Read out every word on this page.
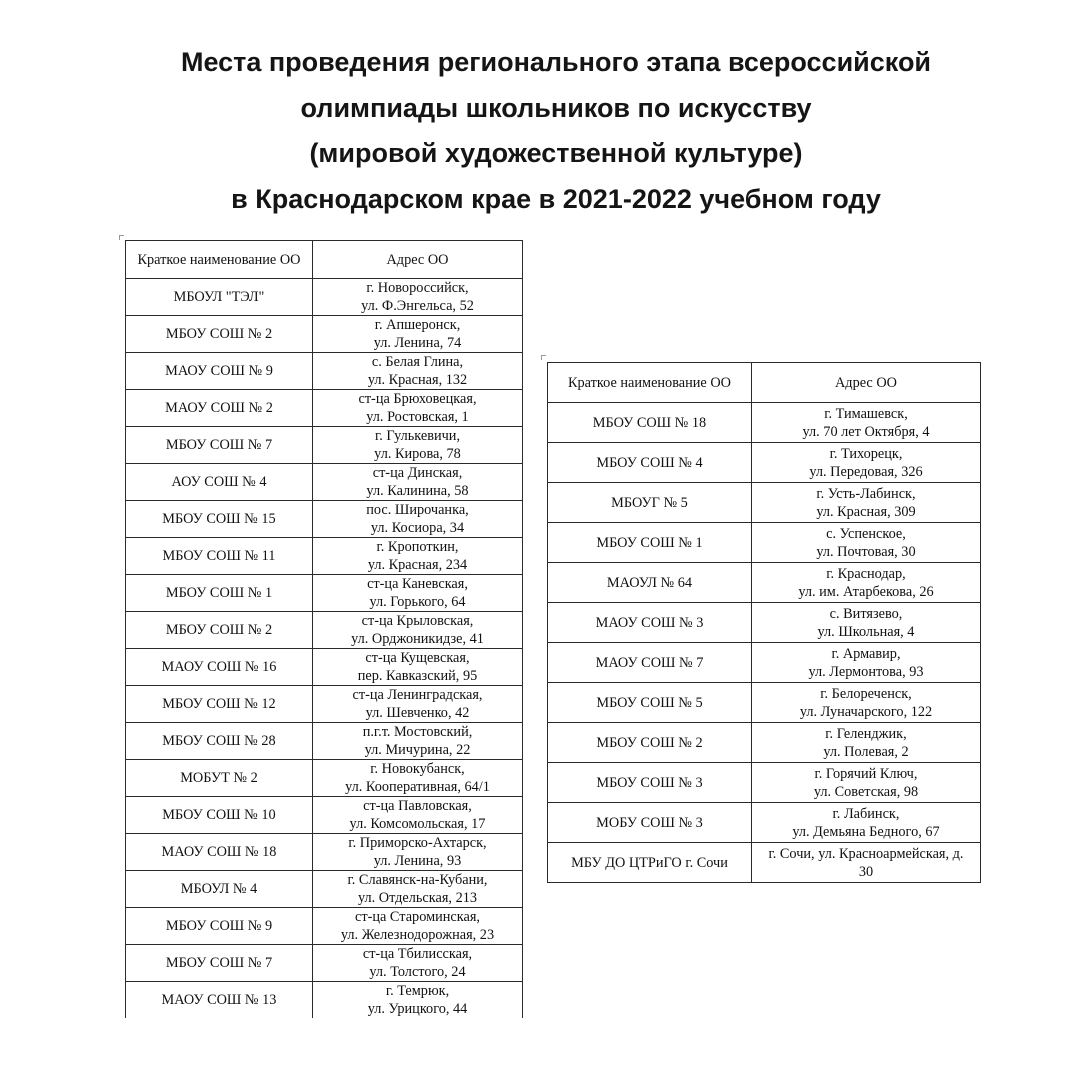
Места проведения регионального этапа всероссийской
олимпиады школьников по искусству
(мировой художественной культуре)
в Краснодарском крае в 2021-2022 учебном году
Краткое наименование ОО	Адрес ОО
МБОУЛ "ТЭЛ"	г. Новороссийск,
ул. Ф.Энгельса, 52

МБОУ СОШ № 2	г. Апшеронск,
ул. Ленина, 74

МАОУ СОШ № 9	с. Белая Глина,
ул. Красная, 132

МАОУ СОШ № 2	ст-ца Брюховецкая,
ул. Ростовская, 1

МБОУ СОШ № 7	г. Гулькевичи,
ул. Кирова, 78

АОУ СОШ № 4	ст-ца Динская,
ул. Калинина, 58

МБОУ СОШ № 15	пос. Широчанка,
ул. Косиора, 34

МБОУ СОШ № 11	г. Кропоткин,
ул. Красная, 234

МБОУ СОШ № 1	ст-ца Каневская,
ул. Горького, 64

МБОУ СОШ № 2	ст-ца Крыловская,
ул. Орджоникидзе, 41

МАОУ СОШ № 16	ст-ца Кущевская,
пер. Кавказский, 95

МБОУ СОШ № 12	ст-ца Ленинградская,
ул. Шевченко, 42

МБОУ СОШ № 28	п.г.т. Мостовский,
ул. Мичурина, 22

МОБУТ № 2	г. Новокубанск,
ул. Кооперативная, 64/1

МБОУ СОШ № 10	ст-ца Павловская,
ул. Комсомольская, 17

МАОУ СОШ № 18	г. Приморско-Ахтарск,
ул. Ленина, 93

МБОУЛ № 4	г. Славянск-на-Кубани,
ул. Отдельская, 213

МБОУ СОШ № 9	ст-ца Староминская,
ул. Железнодорожная, 23

МБОУ СОШ № 7	ст-ца Тбилисская,
ул. Толстого, 24

МАОУ СОШ № 13	г. Темрюк,
ул. Урицкого, 44
Краткое наименование ОО	Адрес ОО
МБОУ СОШ № 18	г. Тимашевск,
ул. 70 лет Октября, 4

МБОУ СОШ № 4	г. Тихорецк,
ул. Передовая, 326

МБОУГ № 5	г. Усть-Лабинск,
ул. Красная, 309

МБОУ СОШ № 1	с. Успенское,
ул. Почтовая, 30

МАОУЛ № 64	г. Краснодар,
ул. им. Атарбекова, 26

МАОУ СОШ № 3	с. Витязево,
ул. Школьная, 4

МАОУ СОШ № 7	г. Армавир,
ул. Лермонтова, 93

МБОУ СОШ № 5	г. Белореченск,
ул. Луначарского, 122

МБОУ СОШ № 2	г. Геленджик,
ул. Полевая, 2

МБОУ СОШ № 3	г. Горячий Ключ,
ул. Советская, 98

МОБУ СОШ № 3	г. Лабинск,
ул. Демьяна Бедного, 67

МБУ ДО ЦТРиГО г. Сочи	г. Сочи, ул. Красноармейская, д.
30
